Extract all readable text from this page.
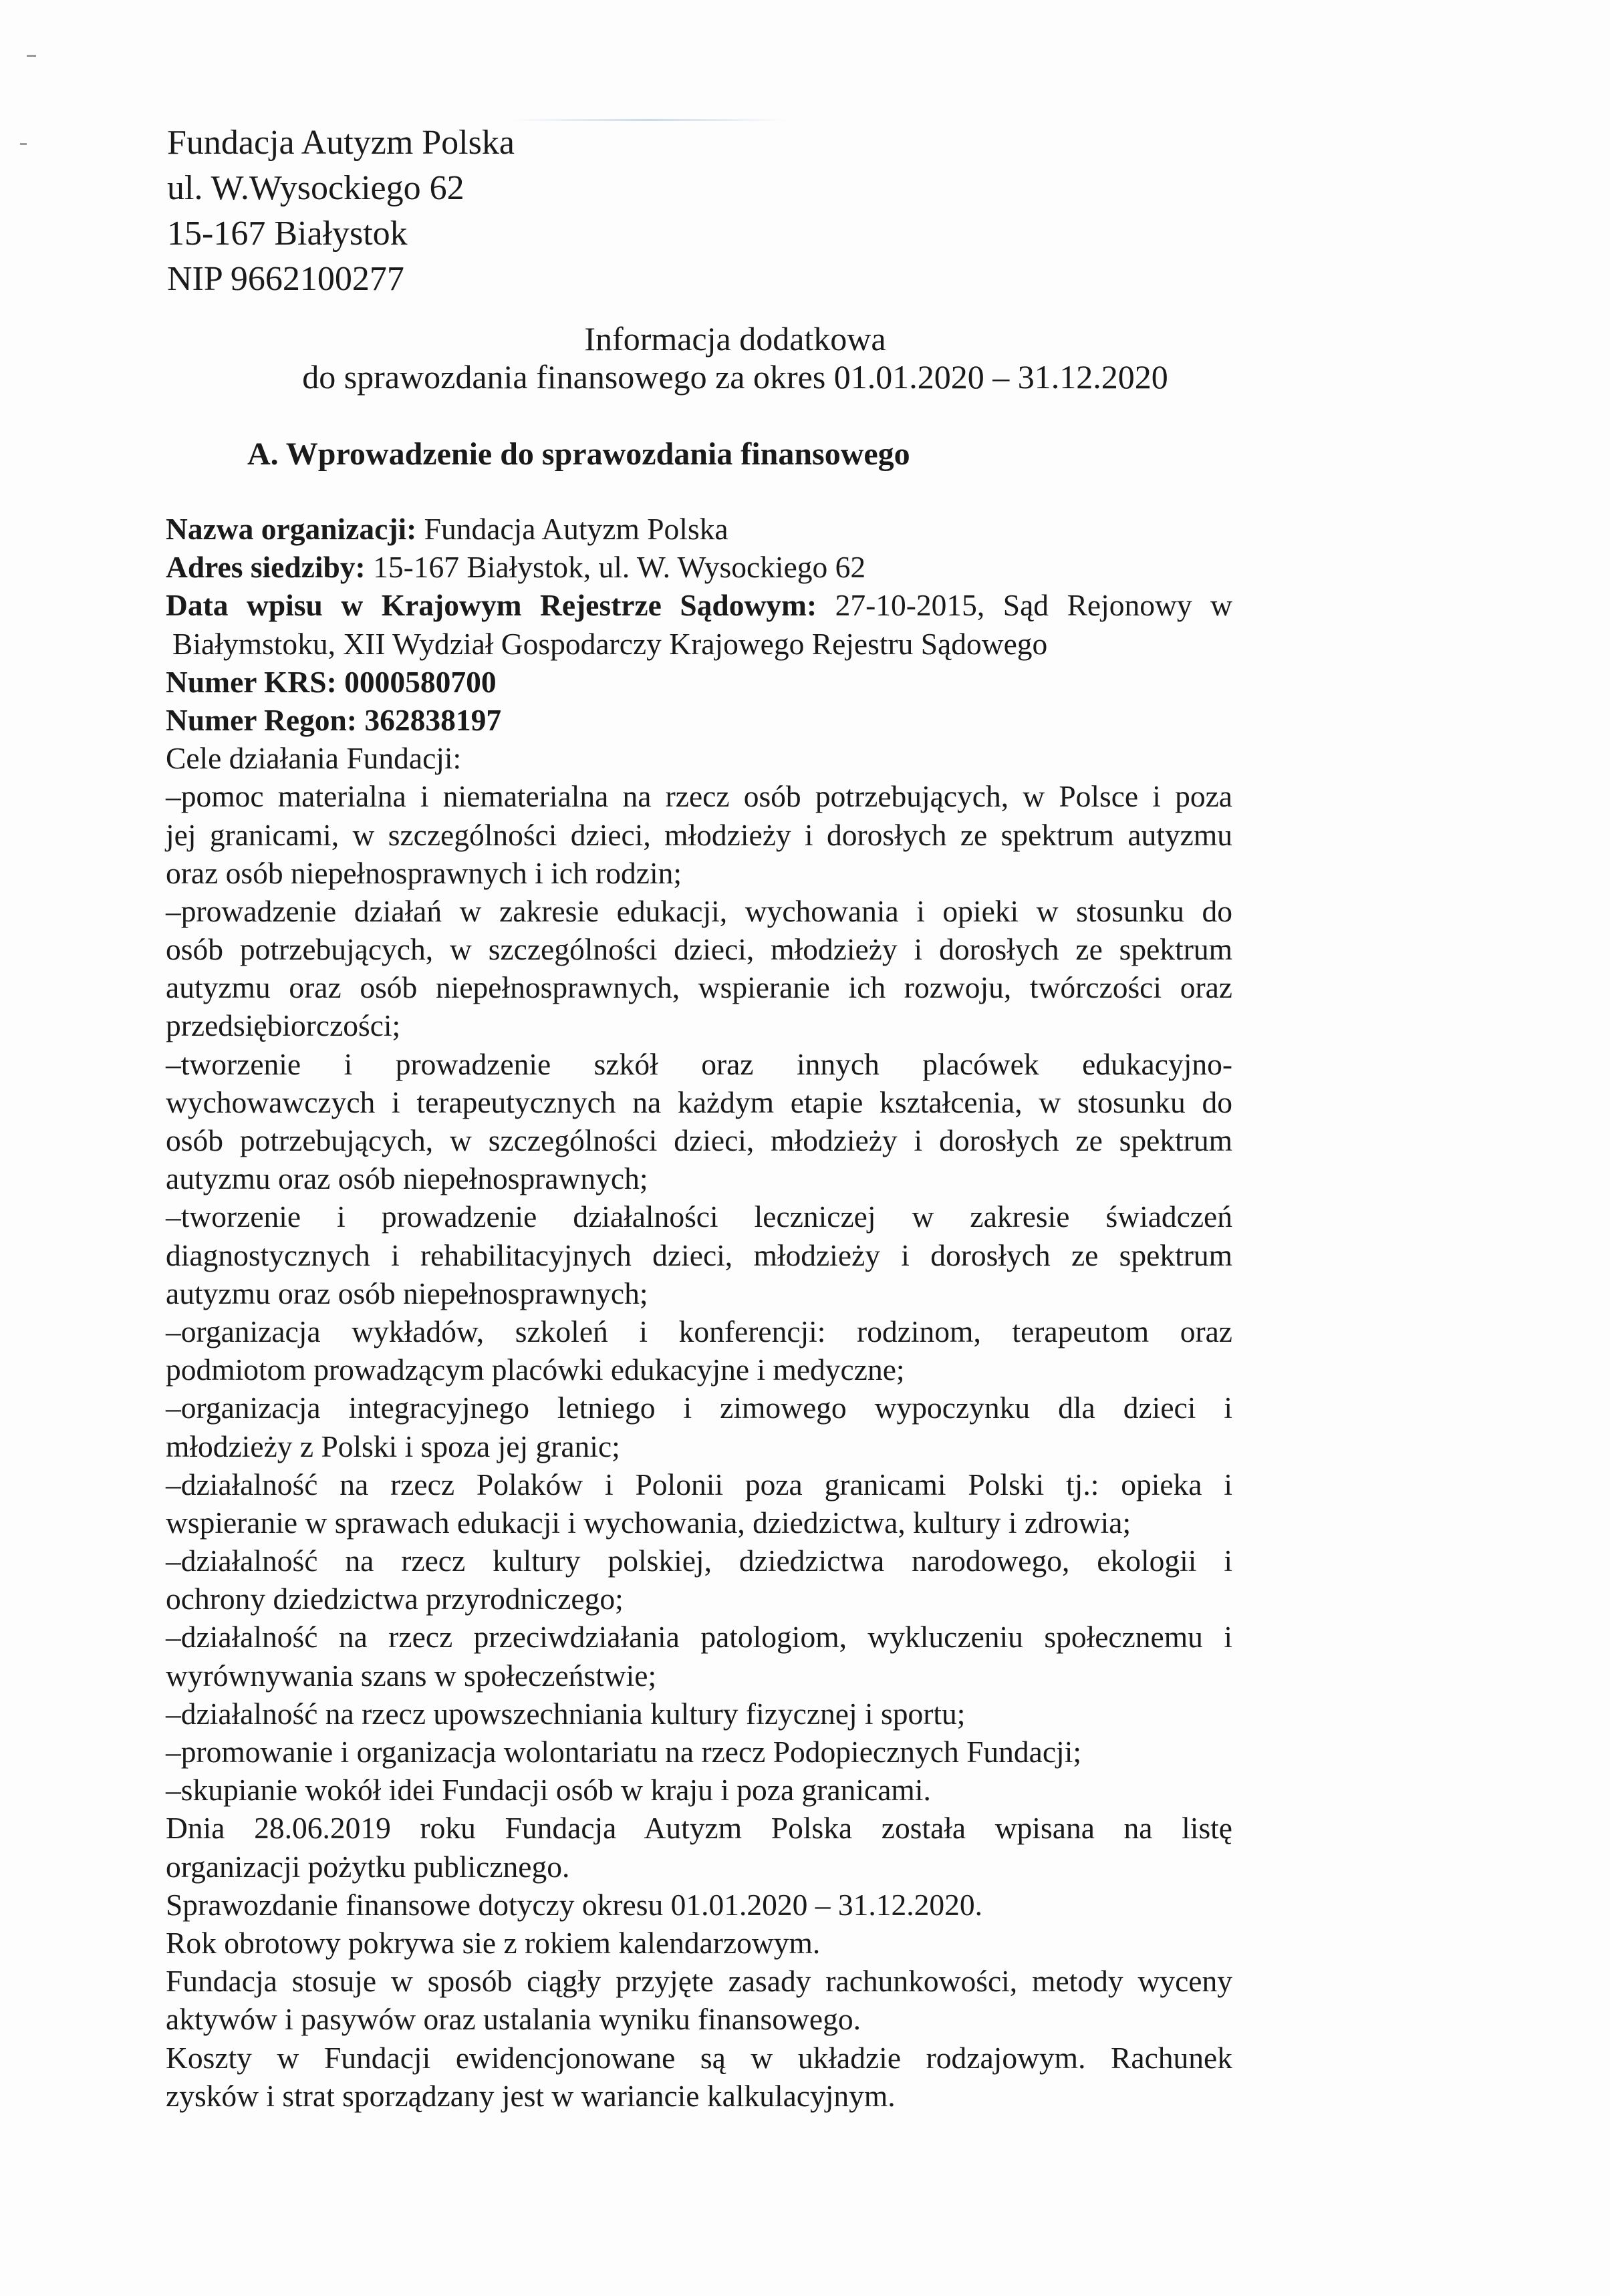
Fundacja Autyzm Polska
ul. W.Wysockiego 62
15-167 Białystok
NIP 9662100277
Informacja dodatkowa
do sprawozdania finansowego za okres 01.01.2020 – 31.12.2020
A. Wprowadzenie do sprawozdania finansowego
Nazwa organizacji: Fundacja Autyzm Polska
Adres siedziby: 15-167 Białystok, ul. W. Wysockiego 62
Data wpisu w Krajowym Rejestrze Sądowym: 27-10-2015, Sąd Rejonowy w
Białymstoku, XII Wydział Gospodarczy Krajowego Rejestru Sądowego
Numer KRS: 0000580700
Numer Regon: 362838197
Cele działania Fundacji:
–pomoc materialna i niematerialna na rzecz osób potrzebujących, w Polsce i poza
jej granicami, w szczególności dzieci, młodzieży i dorosłych ze spektrum autyzmu
oraz osób niepełnosprawnych i ich rodzin;
–prowadzenie działań w zakresie edukacji, wychowania i opieki w stosunku do
osób potrzebujących, w szczególności dzieci, młodzieży i dorosłych ze spektrum
autyzmu oraz osób niepełnosprawnych, wspieranie ich rozwoju, twórczości oraz
przedsiębiorczości;
–tworzenie i prowadzenie szkół oraz innych placówek edukacyjno-
wychowawczych i terapeutycznych na każdym etapie kształcenia, w stosunku do
osób potrzebujących, w szczególności dzieci, młodzieży i dorosłych ze spektrum
autyzmu oraz osób niepełnosprawnych;
–tworzenie i prowadzenie działalności leczniczej w zakresie świadczeń
diagnostycznych i rehabilitacyjnych dzieci, młodzieży i dorosłych ze spektrum
autyzmu oraz osób niepełnosprawnych;
–organizacja wykładów, szkoleń i konferencji: rodzinom, terapeutom oraz
podmiotom prowadzącym placówki edukacyjne i medyczne;
–organizacja integracyjnego letniego i zimowego wypoczynku dla dzieci i
młodzieży z Polski i spoza jej granic;
–działalność na rzecz Polaków i Polonii poza granicami Polski tj.: opieka i
wspieranie w sprawach edukacji i wychowania, dziedzictwa, kultury i zdrowia;
–działalność na rzecz kultury polskiej, dziedzictwa narodowego, ekologii i
ochrony dziedzictwa przyrodniczego;
–działalność na rzecz przeciwdziałania patologiom, wykluczeniu społecznemu i
wyrównywania szans w społeczeństwie;
–działalność na rzecz upowszechniania kultury fizycznej i sportu;
–promowanie i organizacja wolontariatu na rzecz Podopiecznych Fundacji;
–skupianie wokół idei Fundacji osób w kraju i poza granicami.
Dnia 28.06.2019 roku Fundacja Autyzm Polska została wpisana na listę
organizacji pożytku publicznego.
Sprawozdanie finansowe dotyczy okresu 01.01.2020 – 31.12.2020.
Rok obrotowy pokrywa sie z rokiem kalendarzowym.
Fundacja stosuje w sposób ciągły przyjęte zasady rachunkowości, metody wyceny
aktywów i pasywów oraz ustalania wyniku finansowego.
Koszty w Fundacji ewidencjonowane są w układzie rodzajowym. Rachunek
zysków i strat sporządzany jest w wariancie kalkulacyjnym.
